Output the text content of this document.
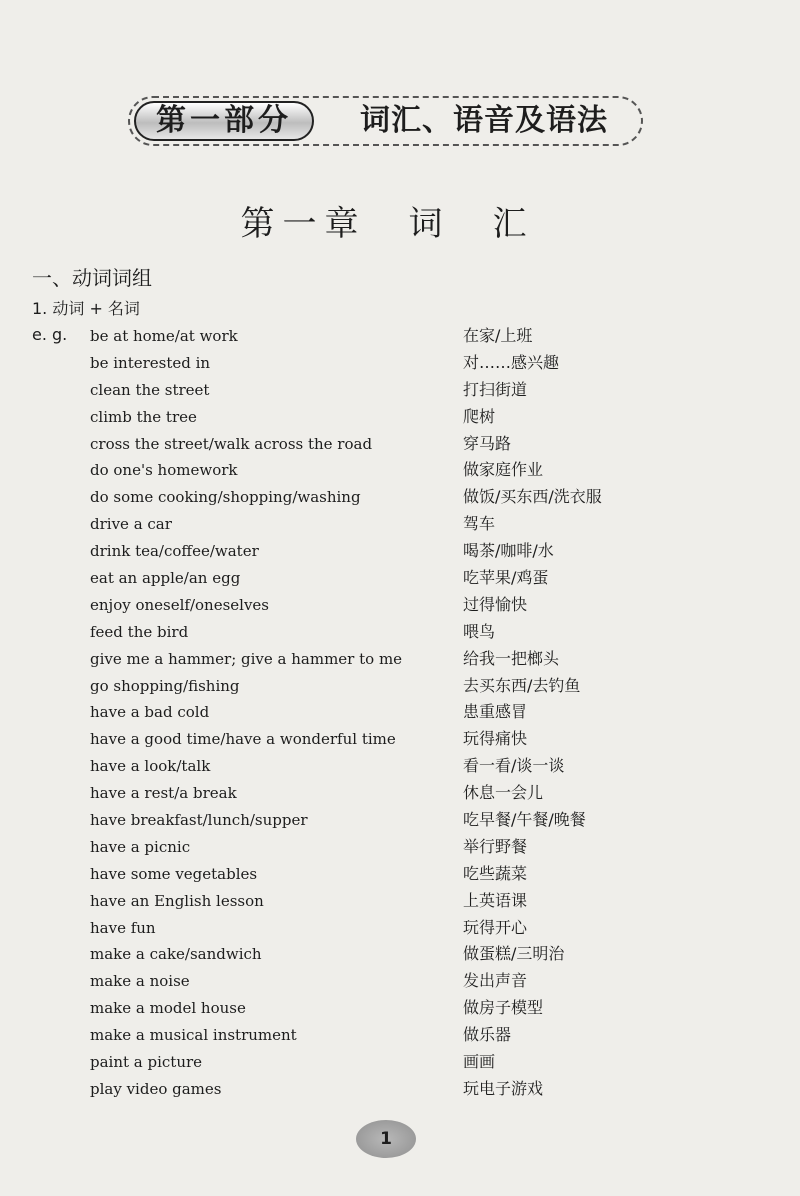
第一部分	词汇、语音及语法
第一章　词　汇
一、动词词组
1. 动词 + 名词
e. g. be at home/at work	在家/上班
be interested in	对……感兴趣
clean the street	打扫街道
climb the tree	爬树
cross the street/walk across the road	穿马路
do one's homework	做家庭作业
do some cooking/shopping/washing	做饭/买东西/洗衣服
drive a car	驾车
drink tea/coffee/water	喝茶/咖啡/水
eat an apple/an egg	吃苹果/鸡蛋
enjoy oneself/oneselves	过得愉快
feed the bird	喂鸟
give me a hammer; give a hammer to me	给我一把榔头
go shopping/fishing	去买东西/去钓鱼
have a bad cold	患重感冒
have a good time/have a wonderful time	玩得痛快
have a look/talk	看一看/谈一谈
have a rest/a break	休息一会儿
have breakfast/lunch/supper	吃早餐/午餐/晚餐
have a picnic	举行野餐
have some vegetables	吃些蔬菜
have an English lesson	上英语课
have fun	玩得开心
make a cake/sandwich	做蛋糕/三明治
make a noise	发出声音
make a model house	做房子模型
make a musical instrument	做乐器
paint a picture	画画
play video games	玩电子游戏
1
